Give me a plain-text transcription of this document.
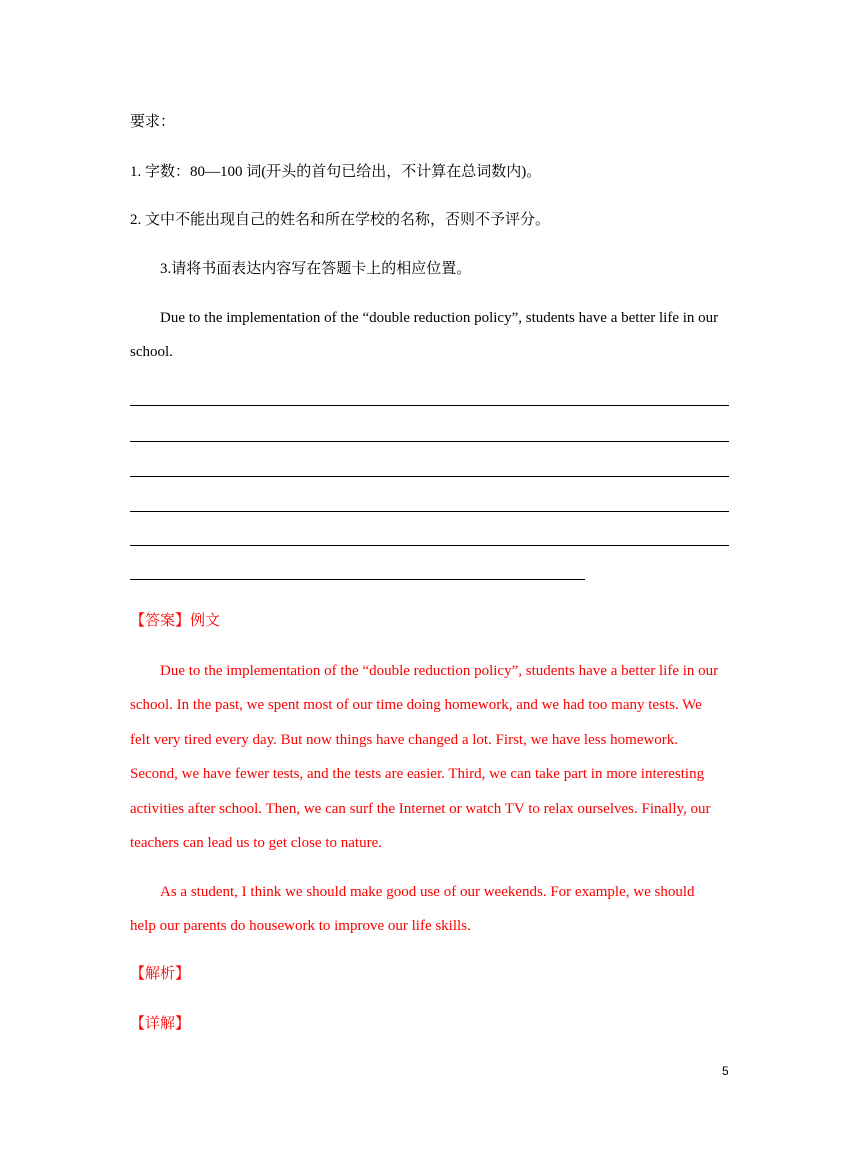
要求：
1. 字数：80—100 词(开头的首句已给出，不计算在总词数内)。
2. 文中不能出现自己的姓名和所在学校的名称，否则不予评分。
3.请将书面表达内容写在答题卡上的相应位置。
Due to the implementation of the “double reduction policy”, students have a better life in our
school.
【答案】例文
Due to the implementation of the “double reduction policy”, students have a better life in our
school. In the past, we spent most of our time doing homework, and we had too many tests. We
felt very tired every day. But now things have changed a lot. First, we have less homework.
Second, we have fewer tests, and the tests are easier. Third, we can take part in more interesting
activities after school. Then, we can surf the Internet or watch TV to relax ourselves. Finally, our
teachers can lead us to get close to nature.
As a student, I think we should make good use of our weekends. For example, we should
help our parents do housework to improve our life skills.
【解析】
【详解】
5
